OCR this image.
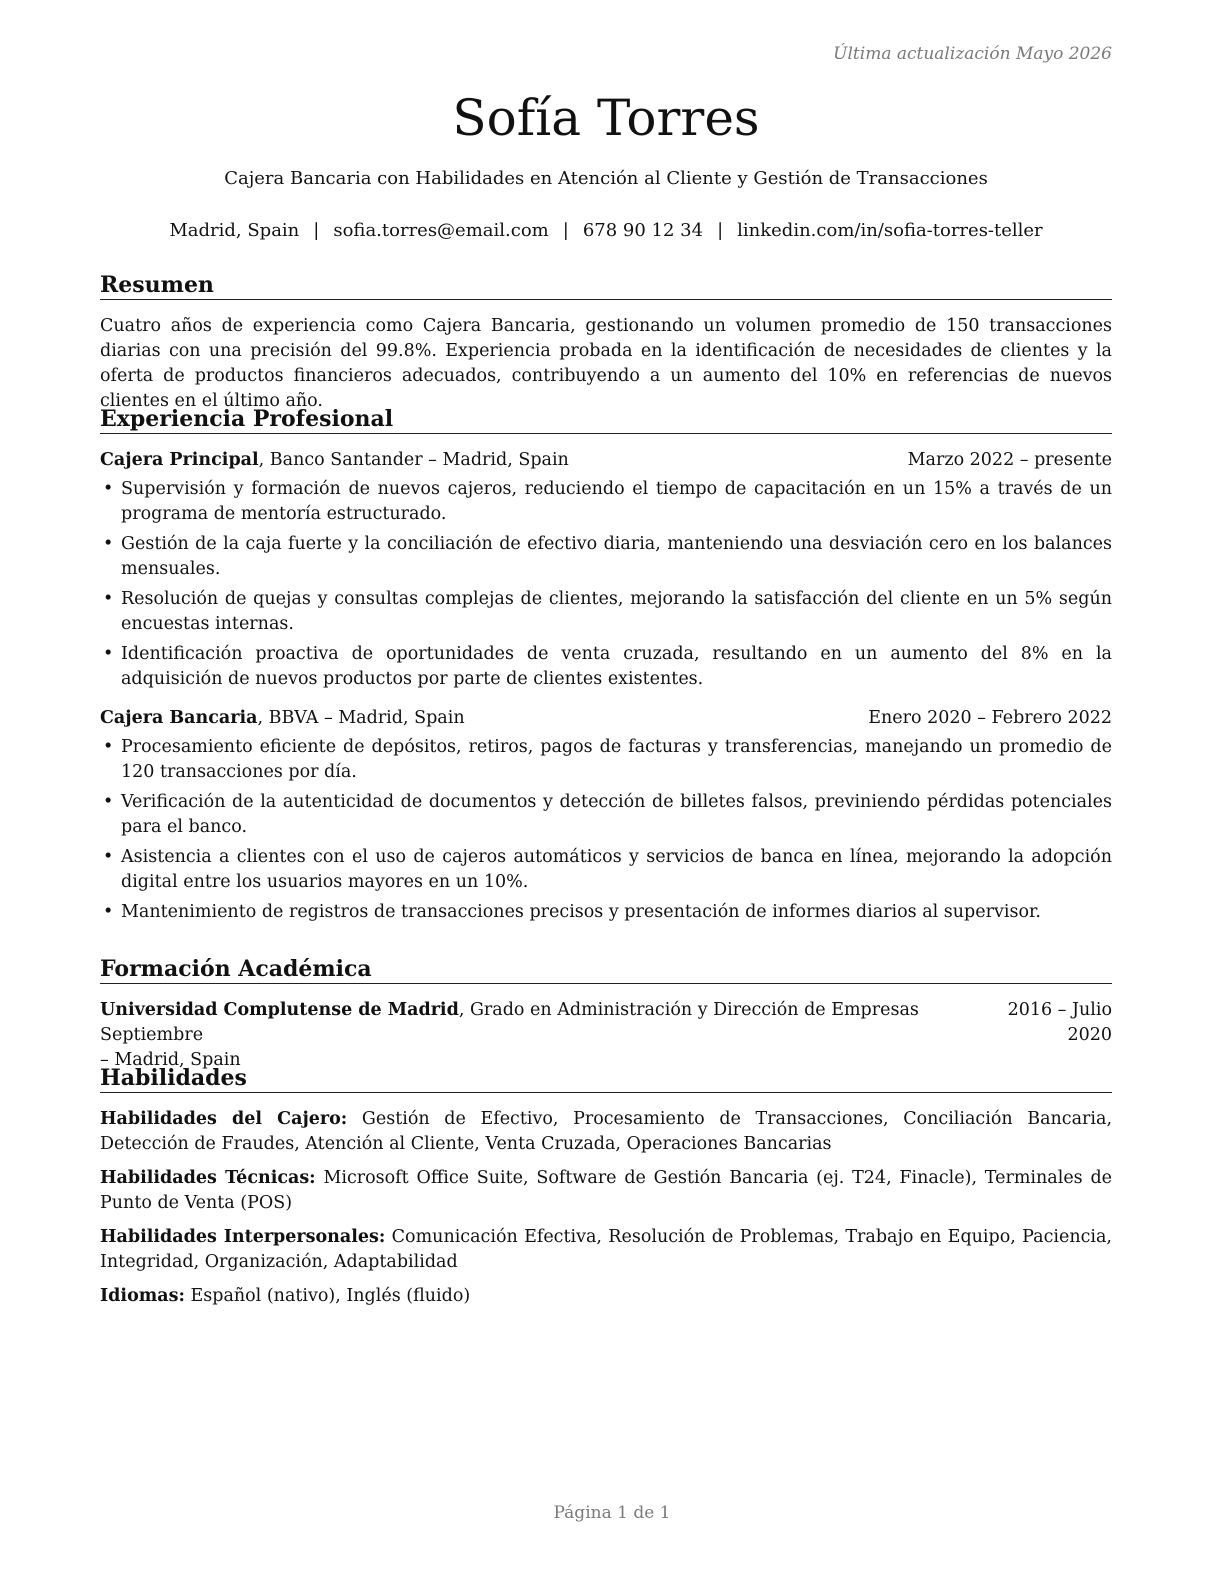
Última actualización Mayo 2026
Sofía Torres
Cajera Bancaria con Habilidades en Atención al Cliente y Gestión de Transacciones
Madrid, Spain | sofia.torres@email.com | 678 90 12 34 | linkedin.com/in/sofia-torres-teller
Resumen

Cuatro años de experiencia como Cajera Bancaria, gestionando un volumen promedio de 150 transacciones diarias con una precisión del 99.8%. Experiencia probada en la identificación de necesidades de clientes y la oferta de productos financieros adecuados, contribuyendo a un aumento del 10% en referencias de nuevos clientes en el último año.

Experiencia Profesional
Cajera Principal, Banco Santander – Madrid, Spain	Marzo 2022 – presente
• Supervisión y formación de nuevos cajeros, reduciendo el tiempo de capacitación en un 15% a través de un programa de mentoría estructurado.
• Gestión de la caja fuerte y la conciliación de efectivo diaria, manteniendo una desviación cero en los balances mensuales.
• Resolución de quejas y consultas complejas de clientes, mejorando la satisfacción del cliente en un 5% según encuestas internas.
• Identificación proactiva de oportunidades de venta cruzada, resultando en un aumento del 8% en la adquisición de nuevos productos por parte de clientes existentes.
Cajera Bancaria, BBVA – Madrid, Spain	Enero 2020 – Febrero 2022
• Procesamiento eficiente de depósitos, retiros, pagos de facturas y transferencias, manejando un promedio de 120 transacciones por día.
• Verificación de la autenticidad de documentos y detección de billetes falsos, previniendo pérdidas potenciales para el banco.
• Asistencia a clientes con el uso de cajeros automáticos y servicios de banca en línea, mejorando la adopción digital entre los usuarios mayores en un 10%.
• Mantenimiento de registros de transacciones precisos y presentación de informes diarios al supervisor.
Formación Académica
Universidad Complutense de Madrid, Grado en Administración y Dirección de Empresas Septiembre
– Madrid, Spain
2016 – Julio
2020
Habilidades

Habilidades del Cajero: Gestión de Efectivo, Procesamiento de Transacciones, Conciliación Bancaria, Detección de Fraudes, Atención al Cliente, Venta Cruzada, Operaciones Bancarias

Habilidades Técnicas: Microsoft Office Suite, Software de Gestión Bancaria (ej. T24, Finacle), Terminales de Punto de Venta (POS)

Habilidades Interpersonales: Comunicación Efectiva, Resolución de Problemas, Trabajo en Equipo, Paciencia, Integridad, Organización, Adaptabilidad

Idiomas: Español (nativo), Inglés (fluido)

Página 1 de 1
